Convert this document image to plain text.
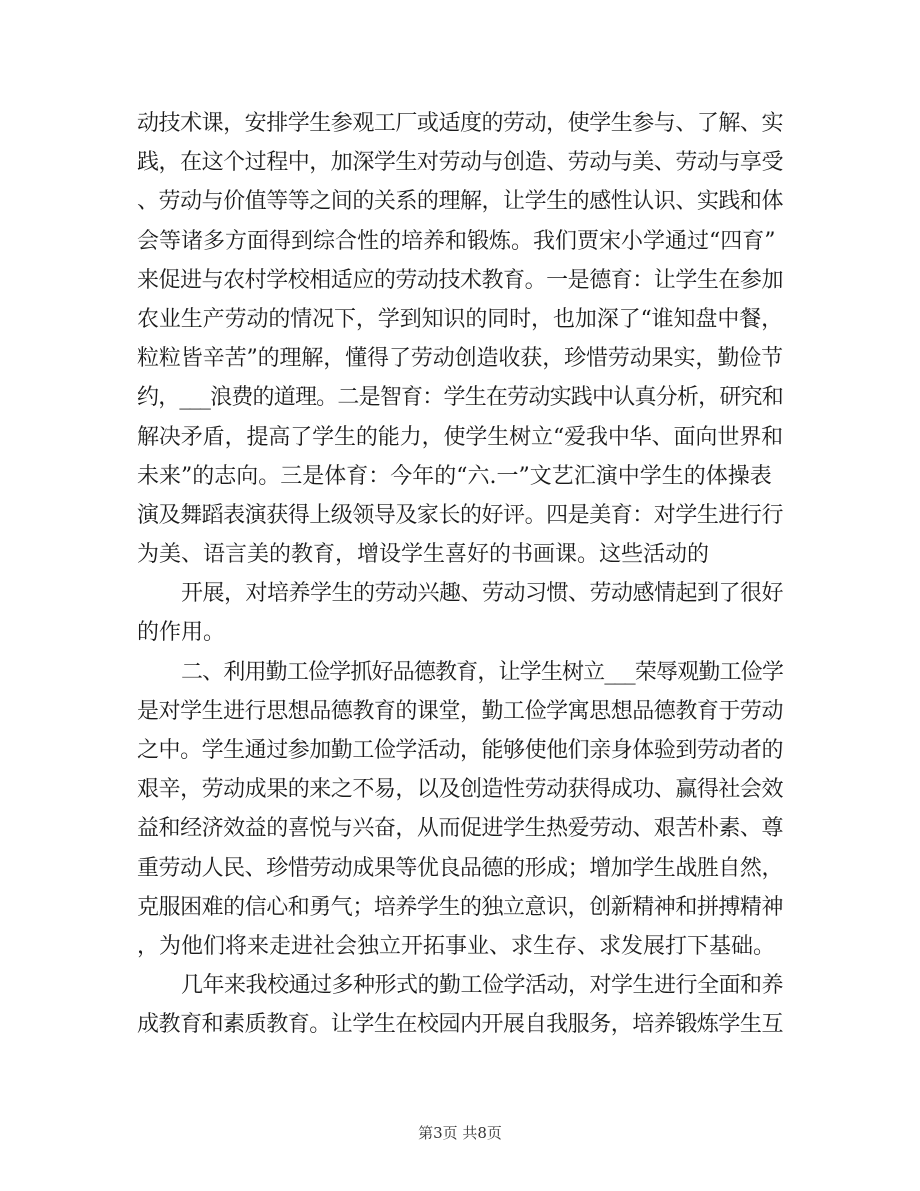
动技术课，安排学生参观工厂或适度的劳动，使学生参与、了解、实
践，在这个过程中，加深学生对劳动与创造、劳动与美、劳动与享受
、劳动与价值等等之间的关系的理解，让学生的感性认识、实践和体
会等诸多方面得到综合性的培养和锻炼。我们贾宋小学通过“四育”
来促进与农村学校相适应的劳动技术教育。一是德育：让学生在参加
农业生产劳动的情况下，学到知识的同时，也加深了“谁知盘中餐，
粒粒皆辛苦”的理解，懂得了劳动创造收获，珍惜劳动果实，勤俭节
约，___浪费的道理。二是智育：学生在劳动实践中认真分析，研究和
解决矛盾，提高了学生的能力，使学生树立“爱我中华、面向世界和
未来”的志向。三是体育：今年的“六.一”文艺汇演中学生的体操表
演及舞蹈表演获得上级领导及家长的好评。四是美育：对学生进行行
为美、语言美的教育，增设学生喜好的书画课。这些活动的
开展，对培养学生的劳动兴趣、劳动习惯、劳动感情起到了很好
的作用。
二、利用勤工俭学抓好品德教育，让学生树立___荣辱观勤工俭学
是对学生进行思想品德教育的课堂，勤工俭学寓思想品德教育于劳动
之中。学生通过参加勤工俭学活动，能够使他们亲身体验到劳动者的
艰辛，劳动成果的来之不易，以及创造性劳动获得成功、赢得社会效
益和经济效益的喜悦与兴奋，从而促进学生热爱劳动、艰苦朴素、尊
重劳动人民、珍惜劳动成果等优良品德的形成；增加学生战胜自然，
克服困难的信心和勇气；培养学生的独立意识，创新精神和拼搏精神
，为他们将来走进社会独立开拓事业、求生存、求发展打下基础。
几年来我校通过多种形式的勤工俭学活动，对学生进行全面和养
成教育和素质教育。让学生在校园内开展自我服务，培养锻炼学生互
第3页 共8页
